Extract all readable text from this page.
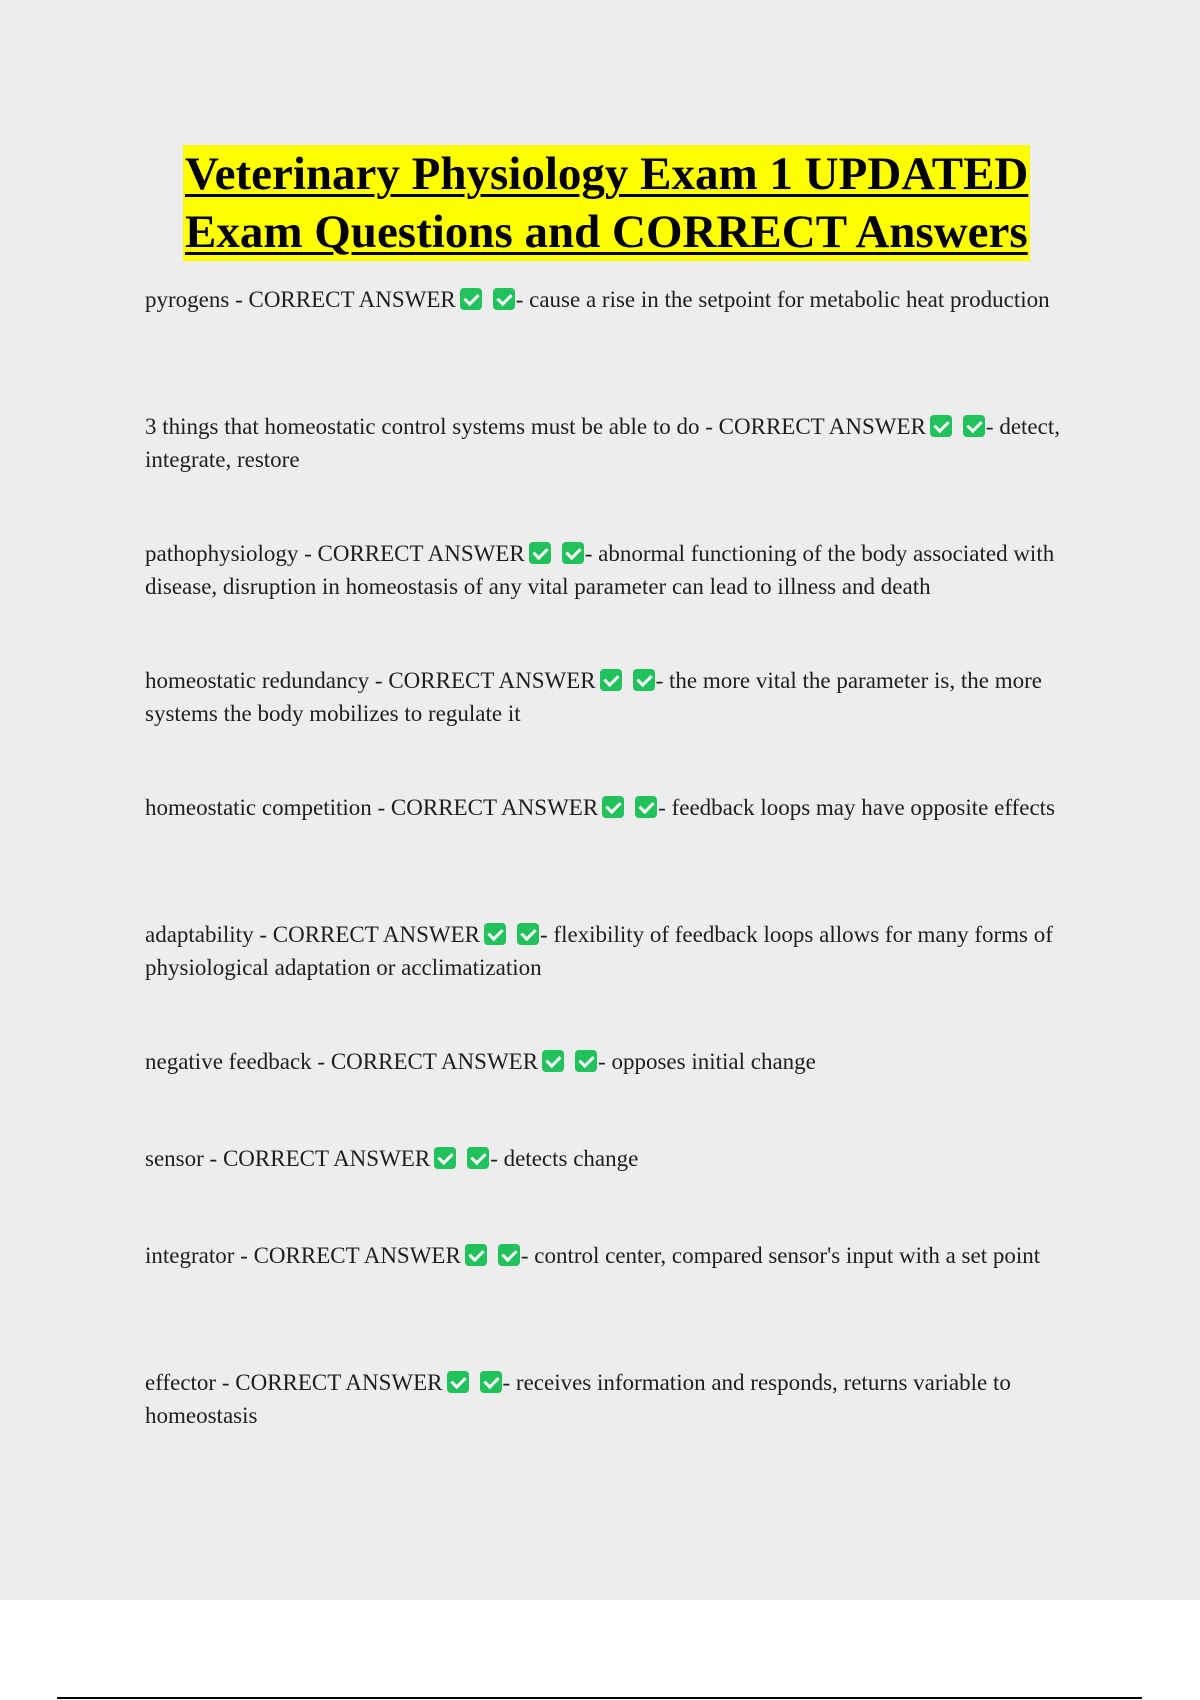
Veterinary Physiology Exam 1 UPDATED
Exam Questions and CORRECT Answers
pyrogens - CORRECT ANSWER	- cause a rise in the setpoint for metabolic heat production
3 things that homeostatic control systems must be able to do - CORRECT ANSWER	- detect, integrate, restore
pathophysiology - CORRECT ANSWER	- abnormal functioning of the body associated with disease, disruption in homeostasis of any vital parameter can lead to illness and death
homeostatic redundancy - CORRECT ANSWER	- the more vital the parameter is, the more systems the body mobilizes to regulate it
homeostatic competition - CORRECT ANSWER	- feedback loops may have opposite effects
adaptability - CORRECT ANSWER	- flexibility of feedback loops allows for many forms of physiological adaptation or acclimatization
negative feedback - CORRECT ANSWER	- opposes initial change
sensor - CORRECT ANSWER	- detects change
integrator - CORRECT ANSWER	- control center, compared sensor's input with a set point
effector - CORRECT ANSWER	- receives information and responds, returns variable to homeostasis
